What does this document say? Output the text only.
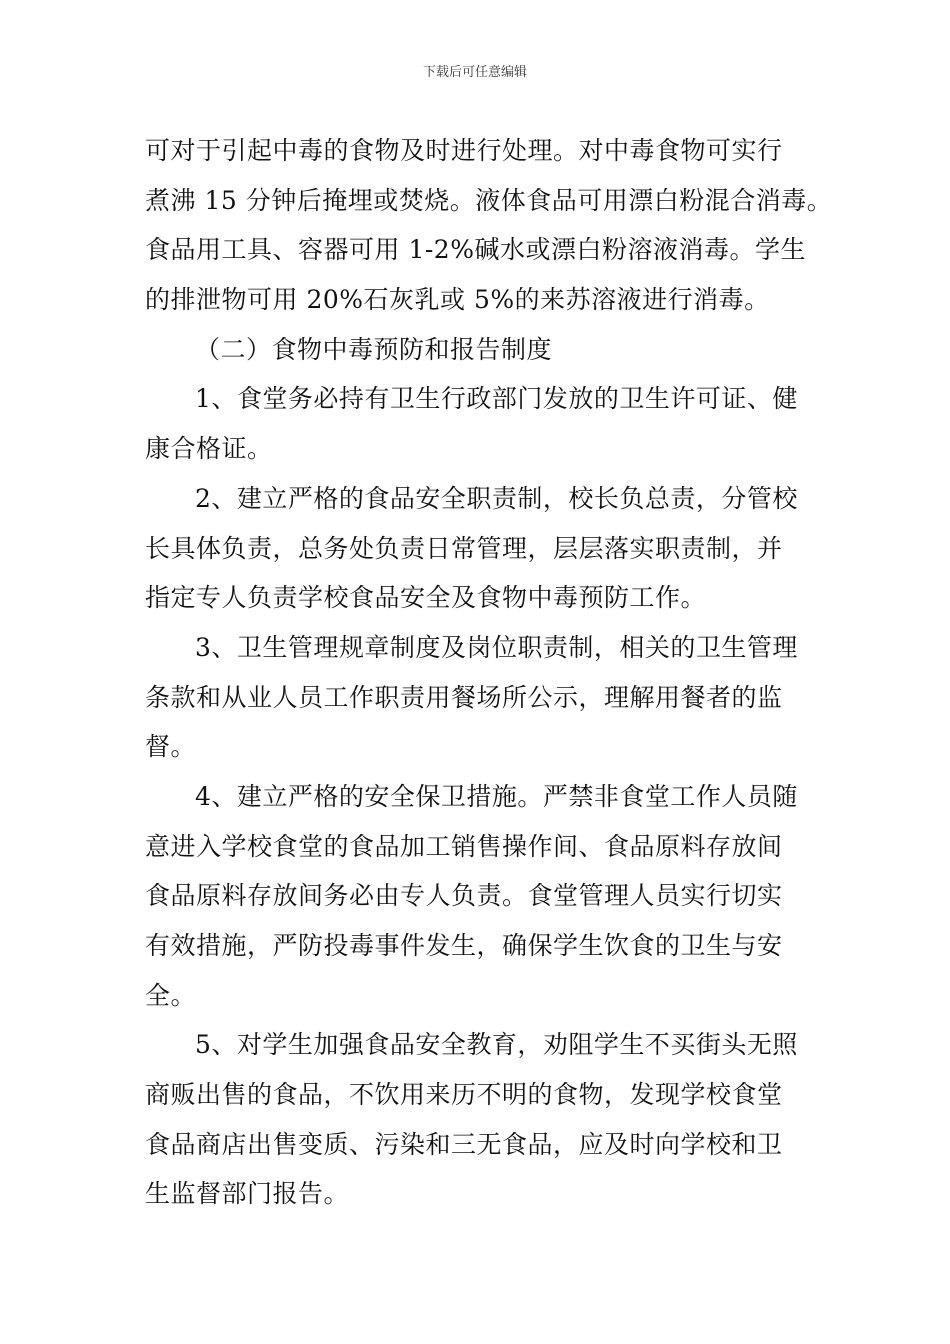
下载后可任意编辑
可对于引起中毒的食物及时进行处理。对中毒食物可实行
煮沸 15 分钟后掩埋或焚烧。液体食品可用漂白粉混合消毒。
食品用工具、容器可用 1-2%碱水或漂白粉溶液消毒。学生
的排泄物可用 20%石灰乳或 5%的来苏溶液进行消毒。
（二）食物中毒预防和报告制度
1、食堂务必持有卫生行政部门发放的卫生许可证、健
康合格证。
2、建立严格的食品安全职责制，校长负总责，分管校
长具体负责，总务处负责日常管理，层层落实职责制，并
指定专人负责学校食品安全及食物中毒预防工作。
3、卫生管理规章制度及岗位职责制，相关的卫生管理
条款和从业人员工作职责用餐场所公示，理解用餐者的监
督。
4、建立严格的安全保卫措施。严禁非食堂工作人员随
意进入学校食堂的食品加工销售操作间、食品原料存放间
食品原料存放间务必由专人负责。食堂管理人员实行切实
有效措施，严防投毒事件发生，确保学生饮食的卫生与安
全。
5、对学生加强食品安全教育，劝阻学生不买街头无照
商贩出售的食品，不饮用来历不明的食物，发现学校食堂
食品商店出售变质、污染和三无食品，应及时向学校和卫
生监督部门报告。
